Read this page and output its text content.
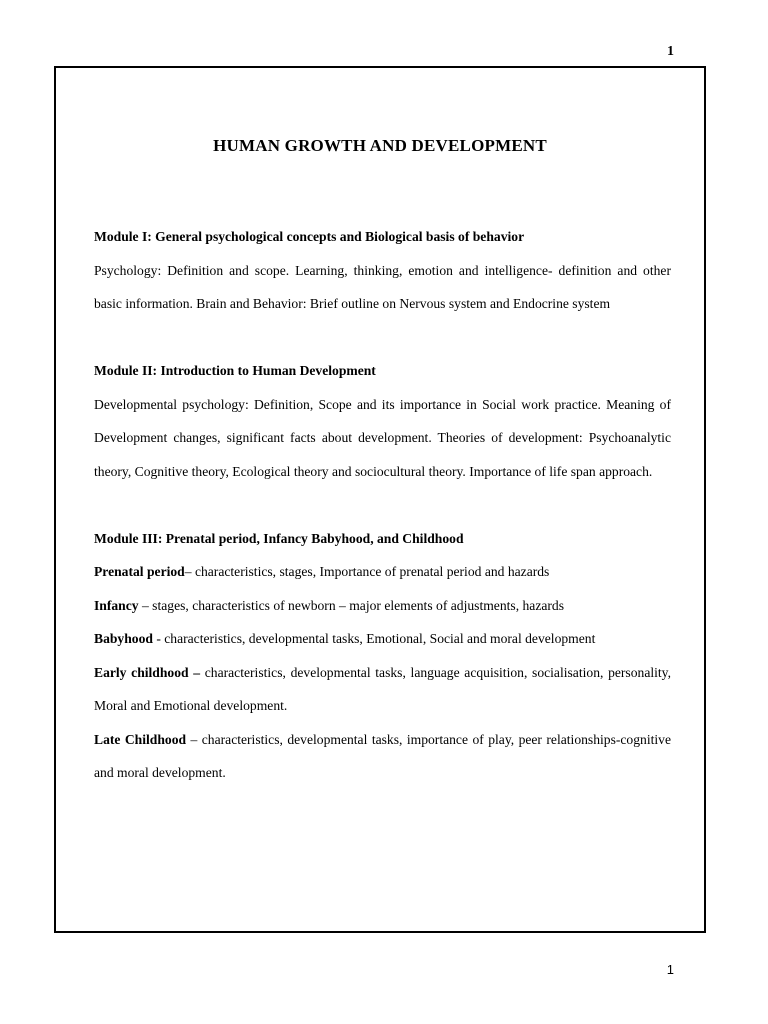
1
HUMAN GROWTH AND DEVELOPMENT

Module I: General psychological concepts and Biological basis of behavior

Psychology: Definition and scope. Learning, thinking, emotion and intelligence- definition and other basic information. Brain and Behavior: Brief outline on Nervous system and Endocrine system

Module II: Introduction to Human Development

Developmental psychology: Definition, Scope and its importance in Social work practice. Meaning of Development changes, significant facts about development. Theories of development: Psychoanalytic theory, Cognitive theory, Ecological theory and sociocultural theory. Importance of life span approach.

Module III: Prenatal period, Infancy Babyhood, and Childhood

Prenatal period– characteristics, stages, Importance of prenatal period and hazards

Infancy – stages, characteristics of newborn – major elements of adjustments, hazards

Babyhood - characteristics, developmental tasks, Emotional, Social and moral development

Early childhood – characteristics, developmental tasks, language acquisition, socialisation, personality, Moral and Emotional development.

Late Childhood – characteristics, developmental tasks, importance of play, peer relationships-cognitive and moral development.

1
